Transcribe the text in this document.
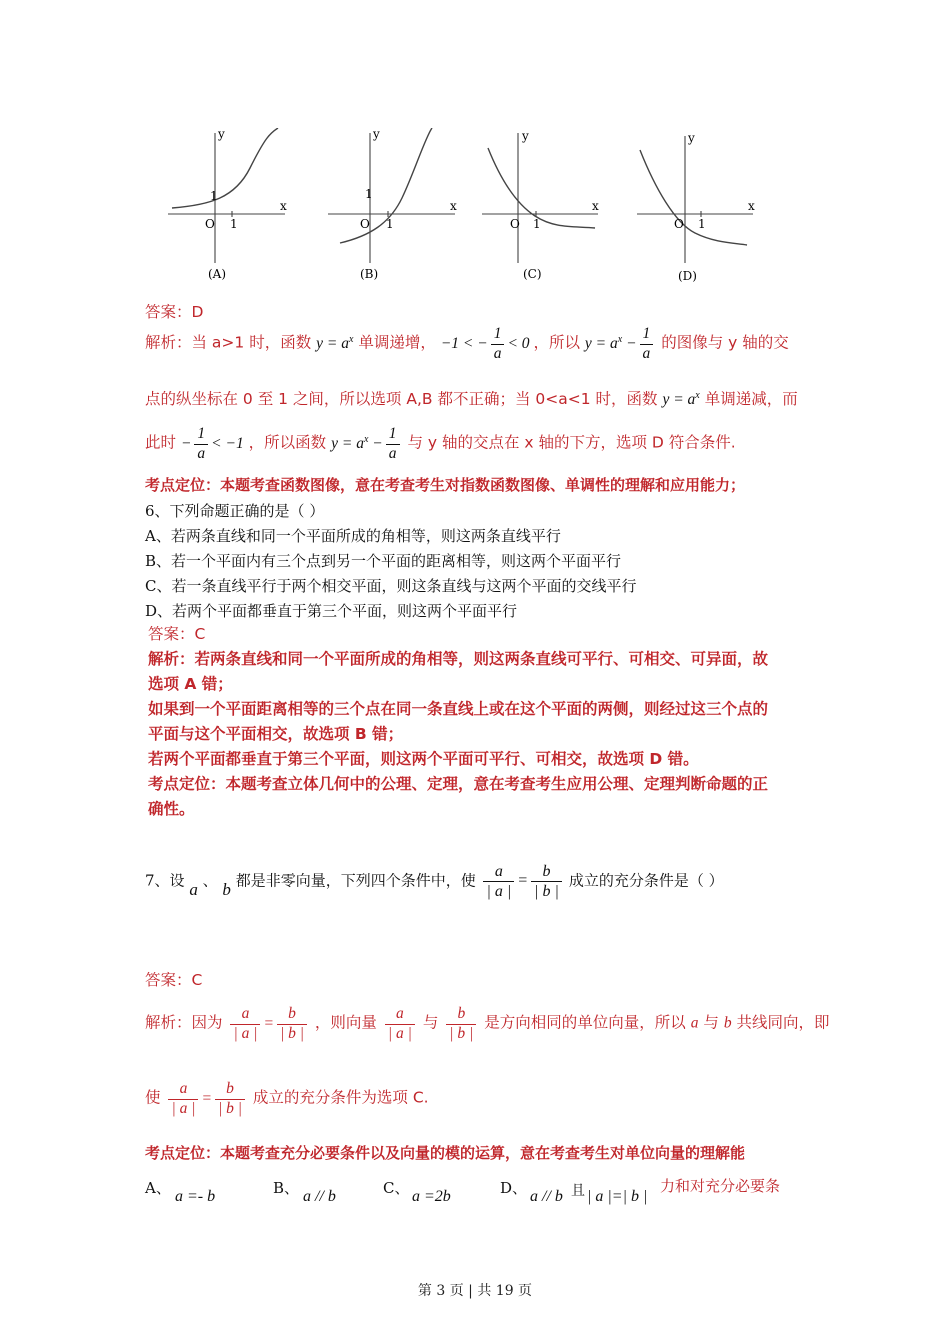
y
x
O 1
1
(A)
y
x
O 1
1
(B)
y
x
O 1
(C)
y
x
O 1
(D)
答案：D
解析：当 a>1 时，函数 $y = a^x$ 单调递增， −1 < − $\frac{1}{a} < 0$ ，所以 $y = a^x - \frac{1}{a}$ 的图像与 y 轴的交
点的纵坐标在 0 至 1 之间，所以选项 A,B 都不正确；当 0<a<1 时，函数 $y = a^x$ 单调递减，而
此时 − $\frac{1}{a} < -1$ ，所以函数 $y = a^x - \frac{1}{a}$ 与 y 轴的交点在 x 轴的下方，选项 D 符合条件.
考点定位：本题考查函数图像，意在考查考生对指数函数图像、单调性的理解和应用能力；
6、下列命题正确的是（ ）
A、若两条直线和同一个平面所成的角相等，则这两条直线平行
B、若一个平面内有三个点到另一个平面的距离相等，则这两个平面平行
C、若一条直线平行于两个相交平面，则这条直线与这两个平面的交线平行
D、若两个平面都垂直于第三个平面，则这两个平面平行
答案：C
解析：若两条直线和同一个平面所成的角相等，则这两条直线可平行、可相交、可异面，故
选项 A 错；
如果到一个平面距离相等的三个点在同一条直线上或在这个平面的两侧，则经过这三个点的
平面与这个平面相交，故选项 B 错；
若两个平面都垂直于第三个平面，则这两个平面可平行、可相交，故选项 D 错。
考点定位：本题考查立体几何中的公理、定理，意在考查考生应用公理、定理判断命题的正
确性。
7、设 a 、 b 都是非零向量，下列四个条件中，使 $\frac{a}{| a |} = \frac{b}{| b |}$ 成立的充分条件是（ ）
答案：C
解析：因为 $\frac{a}{| a |} = \frac{b}{| b |}$ ，则向量 $\frac{a}{| a |}$ 与 $\frac{b}{| b |}$ 是方向相同的单位向量，所以 a 与 b 共线同向，即
使 $\frac{a}{| a |} = \frac{b}{| b |}$ 成立的充分条件为选项 C.
考点定位：本题考查充分必要条件以及向量的模的运算，意在考查考生对单位向量的理解能
A、 a =- b	B、 a // b	C、 a =2b	D、 a // b 且 | a |=| b |
力和对充分必要条
第 3 页 | 共 19 页
